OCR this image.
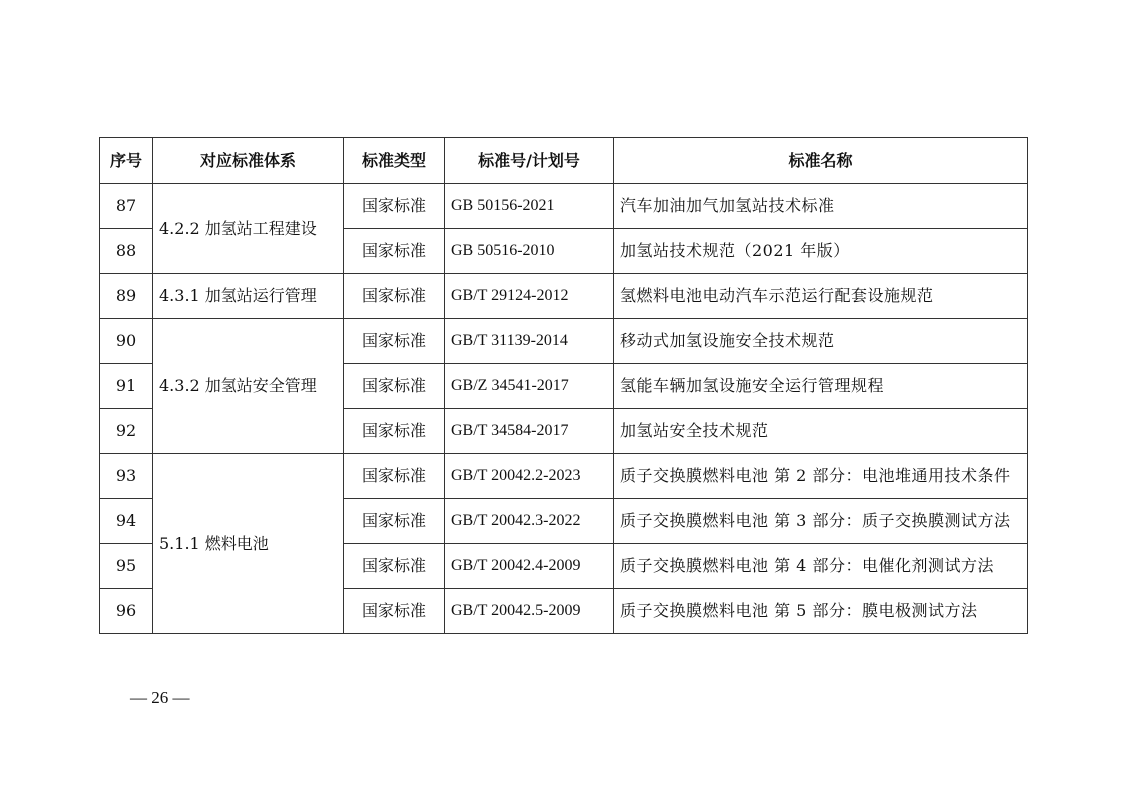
序号	对应标准体系	标准类型	标准号/计划号	标准名称
87	4.2.2 加氢站工程建设	国家标准	GB 50156-2021	汽车加油加气加氢站技术标准
88		国家标准	GB 50516-2010	加氢站技术规范（2021 年版）
89	4.3.1 加氢站运行管理	国家标准	GB/T 29124-2012	氢燃料电池电动汽车示范运行配套设施规范
90	4.3.2 加氢站安全管理	国家标准	GB/T 31139-2014	移动式加氢设施安全技术规范
91		国家标准	GB/Z 34541-2017	氢能车辆加氢设施安全运行管理规程
92		国家标准	GB/T 34584-2017	加氢站安全技术规范
93	5.1.1 燃料电池	国家标准	GB/T 20042.2-2023	质子交换膜燃料电池 第 2 部分：电池堆通用技术条件
94		国家标准	GB/T 20042.3-2022	质子交换膜燃料电池 第 3 部分：质子交换膜测试方法
95		国家标准	GB/T 20042.4-2009	质子交换膜燃料电池 第 4 部分：电催化剂测试方法
96		国家标准	GB/T 20042.5-2009	质子交换膜燃料电池 第 5 部分：膜电极测试方法
— 26 —
